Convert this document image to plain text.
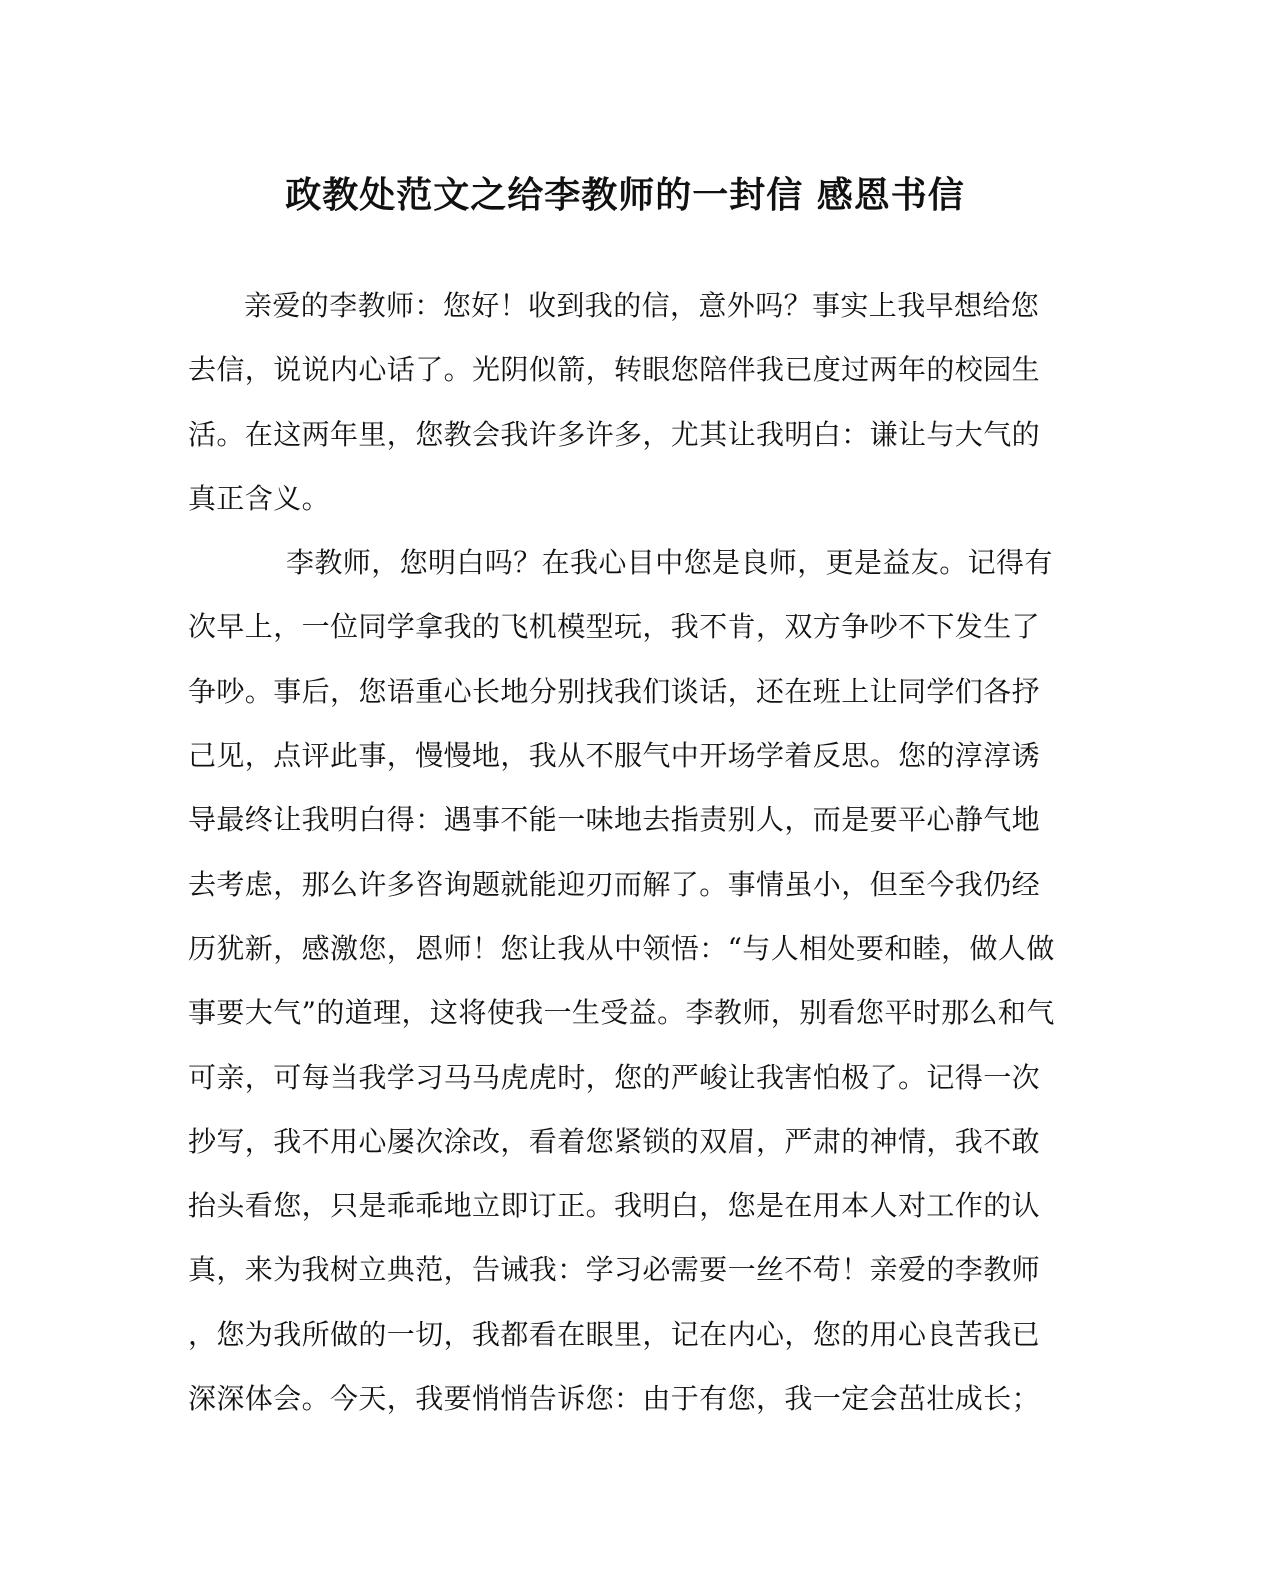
政教处范文之给李教师的一封信 感恩书信
亲爱的李教师：您好！收到我的信，意外吗？事实上我早想给您
去信，说说内心话了。光阴似箭，转眼您陪伴我已度过两年的校园生
活。在这两年里，您教会我许多许多，尤其让我明白：谦让与大气的
真正含义。
李教师，您明白吗？在我心目中您是良师，更是益友。记得有
次早上，一位同学拿我的飞机模型玩，我不肯，双方争吵不下发生了
争吵。事后，您语重心长地分别找我们谈话，还在班上让同学们各抒
己见，点评此事，慢慢地，我从不服气中开场学着反思。您的淳淳诱
导最终让我明白得：遇事不能一味地去指责别人，而是要平心静气地
去考虑，那么许多咨询题就能迎刃而解了。事情虽小，但至今我仍经
历犹新，感激您，恩师！您让我从中领悟：“与人相处要和睦，做人做
事要大气”的道理，这将使我一生受益。李教师，别看您平时那么和气
可亲，可每当我学习马马虎虎时，您的严峻让我害怕极了。记得一次
抄写，我不用心屡次涂改，看着您紧锁的双眉，严肃的神情，我不敢
抬头看您，只是乖乖地立即订正。我明白，您是在用本人对工作的认
真，来为我树立典范，告诫我：学习必需要一丝不苟！亲爱的李教师
，您为我所做的一切，我都看在眼里，记在内心，您的用心良苦我已
深深体会。今天，我要悄悄告诉您：由于有您，我一定会茁壮成长；
